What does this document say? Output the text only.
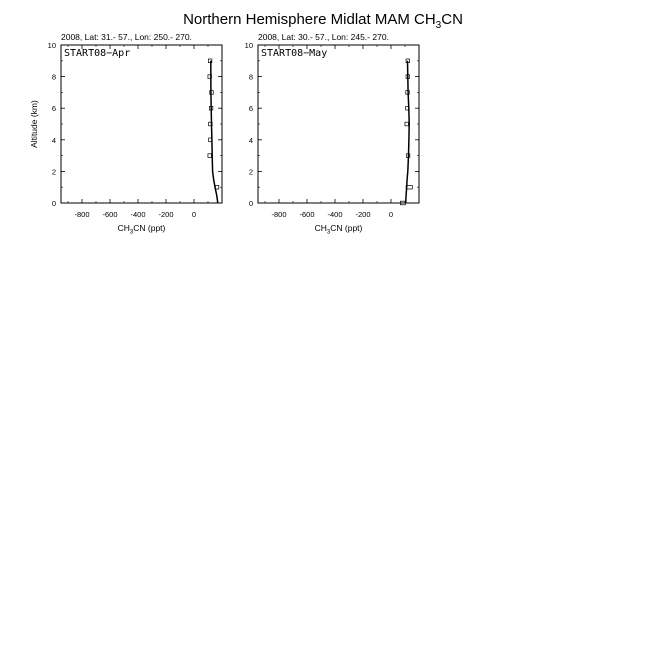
Northern Hemisphere Midlat MAM $CH_3CN$
2008, Lat: 31.- 57., Lon: 250.- 270.
START08−Apr
-800 -600 -400 -200 0
0
2
4
6
8
10
$CH_3CN$ (ppt)
Altitude (km)
2008, Lat: 30.- 57., Lon: 245.- 270.
START08−May
-800 -600 -400 -200 0
0
2
4
6
8
10
$CH_3CN$ (ppt)
